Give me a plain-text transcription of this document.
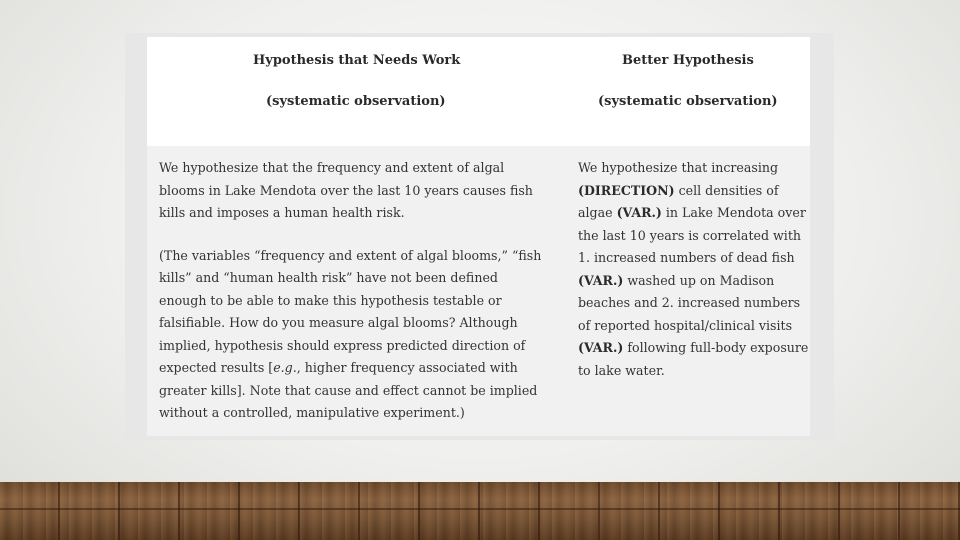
Hypothesis that Needs Work
(systematic observation)
Better Hypothesis
(systematic observation)

We hypothesize that the frequency and extent of algal blooms in Lake Mendota over the last 10 years causes fish kills and imposes a human health risk.

(The variables “frequency and extent of algal blooms,” “fish kills” and “human health risk” have not been defined enough to be able to make this hypothesis testable or falsifiable. How do you measure algal blooms? Although implied, hypothesis should express predicted direction of expected results [e.g., higher frequency associated with greater kills]. Note that cause and effect cannot be implied without a controlled, manipulative experiment.)

We hypothesize that increasing (DIRECTION) cell densities of algae (VAR.) in Lake Mendota over the last 10 years is correlated with 1. increased numbers of dead fish (VAR.) washed up on Madison beaches and 2. increased numbers of reported hospital/clinical visits (VAR.) following full-body exposure to lake water.
